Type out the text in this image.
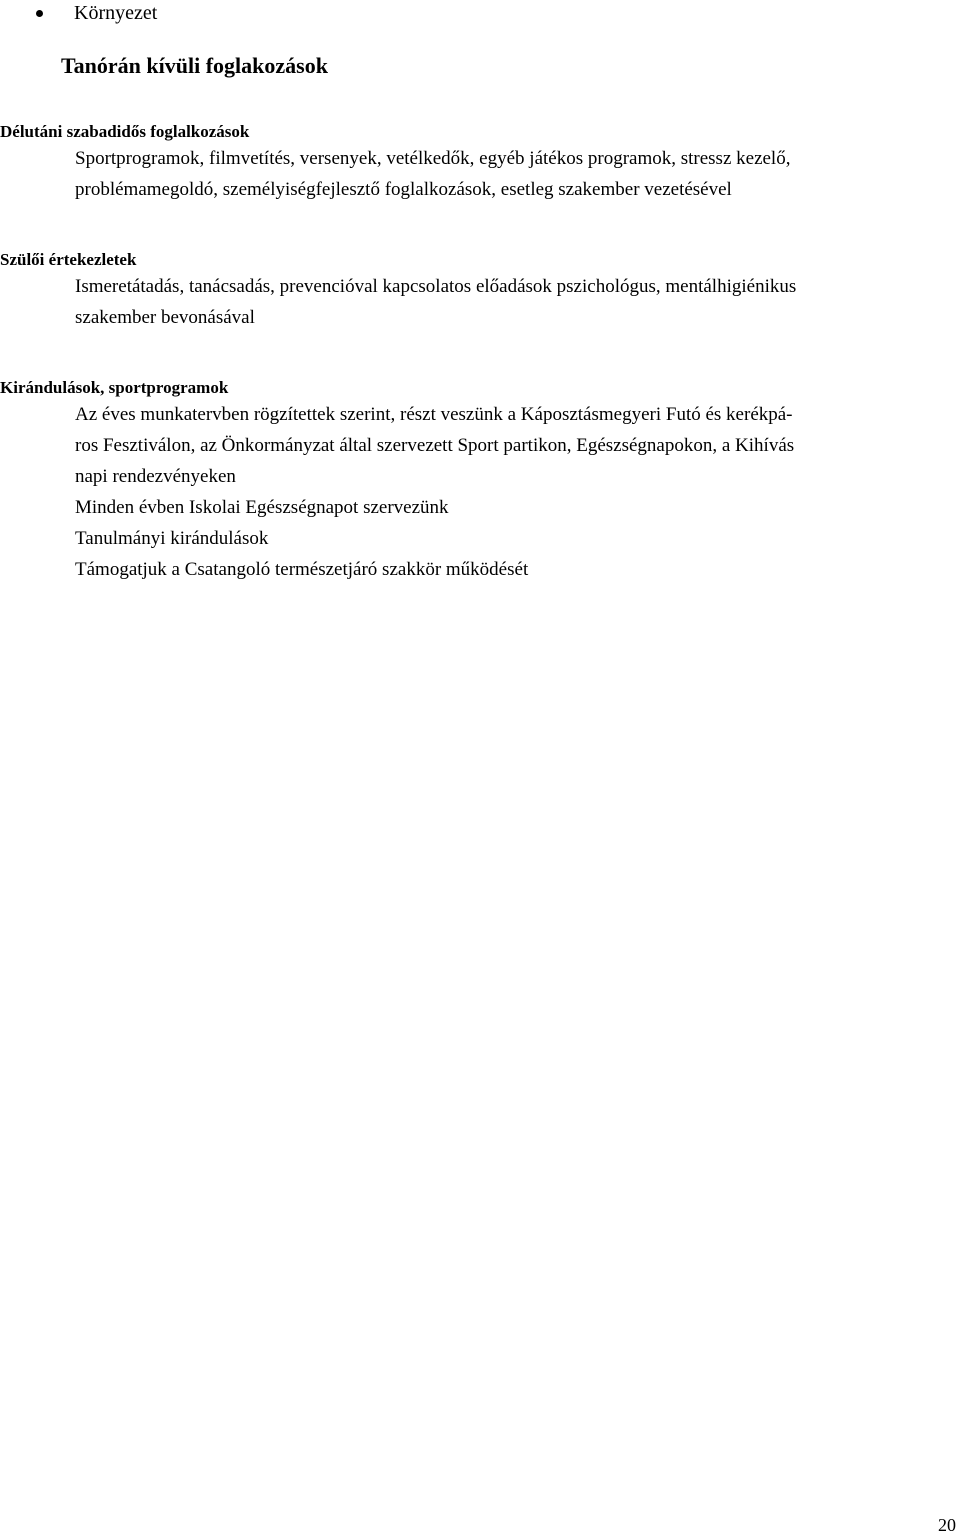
Környezet
Tanórán kívüli foglakozások

Délutáni szabadidős foglalkozások

Sportprogramok, filmvetítés, versenyek, vetélkedők, egyéb játékos programok, stressz kezelő,
problémamegoldó, személyiségfejlesztő foglalkozások, esetleg szakember vezetésével

Szülői értekezletek

Ismeretátadás, tanácsadás, prevencióval kapcsolatos előadások pszichológus, mentálhigiénikus
szakember bevonásával

Kirándulások, sportprogramok

Az éves munkatervben rögzítettek szerint, részt veszünk a Káposztásmegyeri Futó és kerékpá-
ros Fesztiválon, az Önkormányzat által szervezett Sport partikon, Egészségnapokon, a Kihívás
napi rendezvényeken
Minden évben Iskolai Egészségnapot szervezünk
Tanulmányi kirándulások
Támogatjuk a Csatangoló természetjáró szakkör működését

20
